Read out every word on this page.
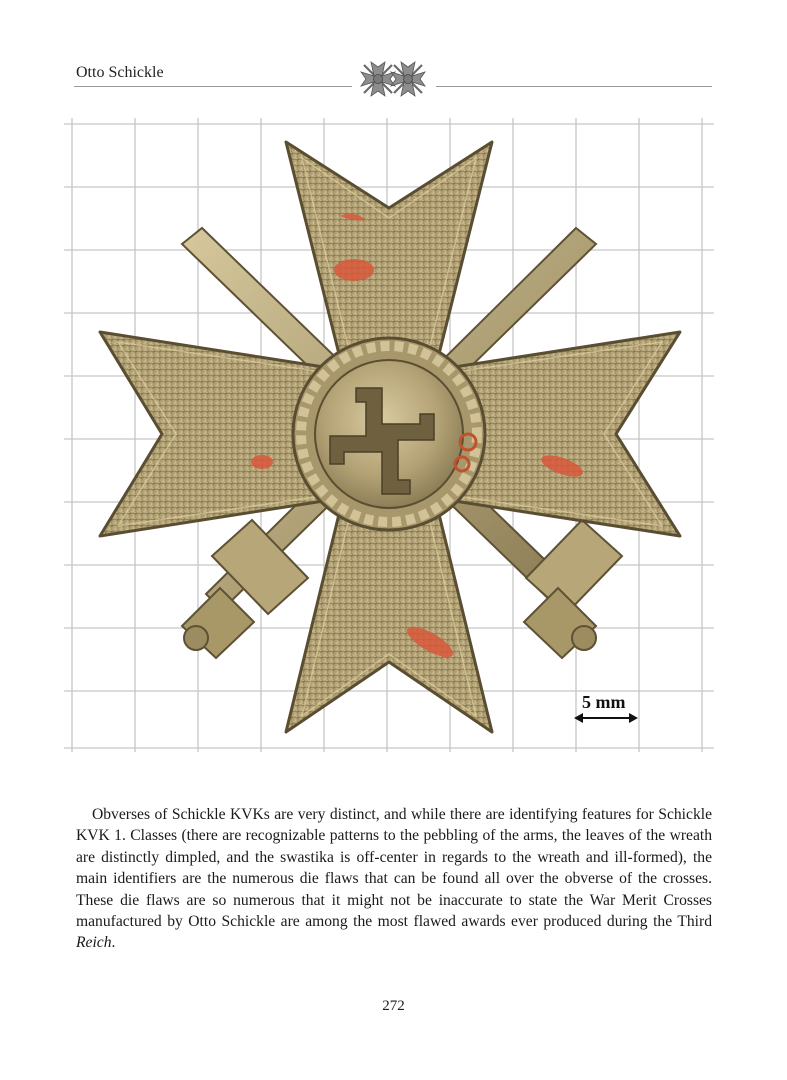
Otto Schickle
5 mm

Obverses of Schickle KVKs are very distinct, and while there are identifying features for Schickle KVK 1. Classes (there are recognizable patterns to the pebbling of the arms, the leaves of the wreath are distinctly dimpled, and the swastika is off-center in regards to the wreath and ill-formed), the main identifiers are the numerous die flaws that can be found all over the obverse of the crosses. These die flaws are so numerous that it might not be inaccurate to state the War Merit Crosses manufactured by Otto Schickle are among the most flawed awards ever produced during the Third Reich.

272
